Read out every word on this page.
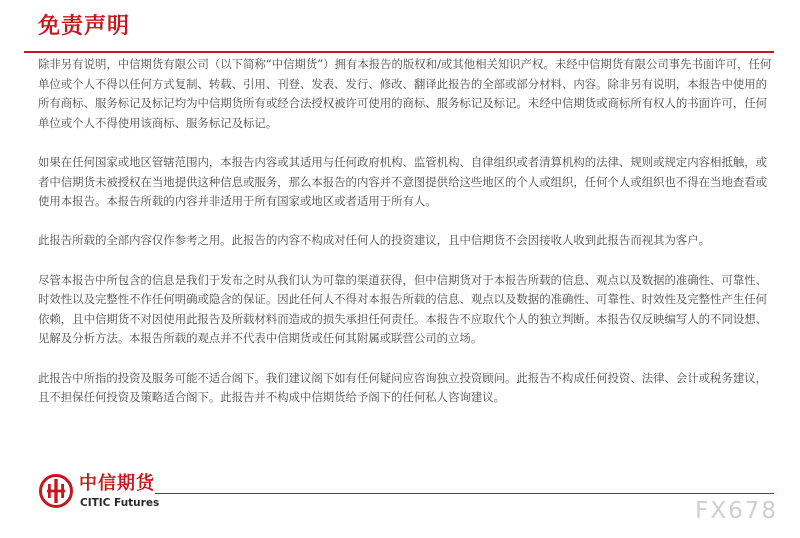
免责声明

除非另有说明，中信期货有限公司（以下简称“中信期货”）拥有本报告的版权和/或其他相关知识产权。未经中信期货有限公司事先书面许可，任何单位或个人不得以任何方式复制、转载、引用、刊登、发表、发行、修改、翻译此报告的全部或部分材料、内容。除非另有说明，本报告中使用的所有商标、服务标记及标记均为中信期货所有或经合法授权被许可使用的商标、服务标记及标记。未经中信期货或商标所有权人的书面许可，任何单位或个人不得使用该商标、服务标记及标记。

如果在任何国家或地区管辖范围内，本报告内容或其适用与任何政府机构、监管机构、自律组织或者清算机构的法律、规则或规定内容相抵触，或者中信期货未被授权在当地提供这种信息或服务，那么本报告的内容并不意图提供给这些地区的个人或组织，任何个人或组织也不得在当地查看或使用本报告。本报告所载的内容并非适用于所有国家或地区或者适用于所有人。

此报告所载的全部内容仅作参考之用。此报告的内容不构成对任何人的投资建议，且中信期货不会因接收人收到此报告而视其为客户。

尽管本报告中所包含的信息是我们于发布之时从我们认为可靠的渠道获得，但中信期货对于本报告所载的信息、观点以及数据的准确性、可靠性、时效性以及完整性不作任何明确或隐含的保证。因此任何人不得对本报告所载的信息、观点以及数据的准确性、可靠性、时效性及完整性产生任何依赖，且中信期货不对因使用此报告及所载材料而造成的损失承担任何责任。本报告不应取代个人的独立判断。本报告仅反映编写人的不同设想、见解及分析方法。本报告所载的观点并不代表中信期货或任何其附属或联营公司的立场。

此报告中所指的投资及服务可能不适合阁下。我们建议阁下如有任何疑问应咨询独立投资顾问。此报告不构成任何投资、法律、会计或税务建议，且不担保任何投资及策略适合阁下。此报告并不构成中信期货给予阁下的任何私人咨询建议。

中信期货
CITIC Futures	FX678
